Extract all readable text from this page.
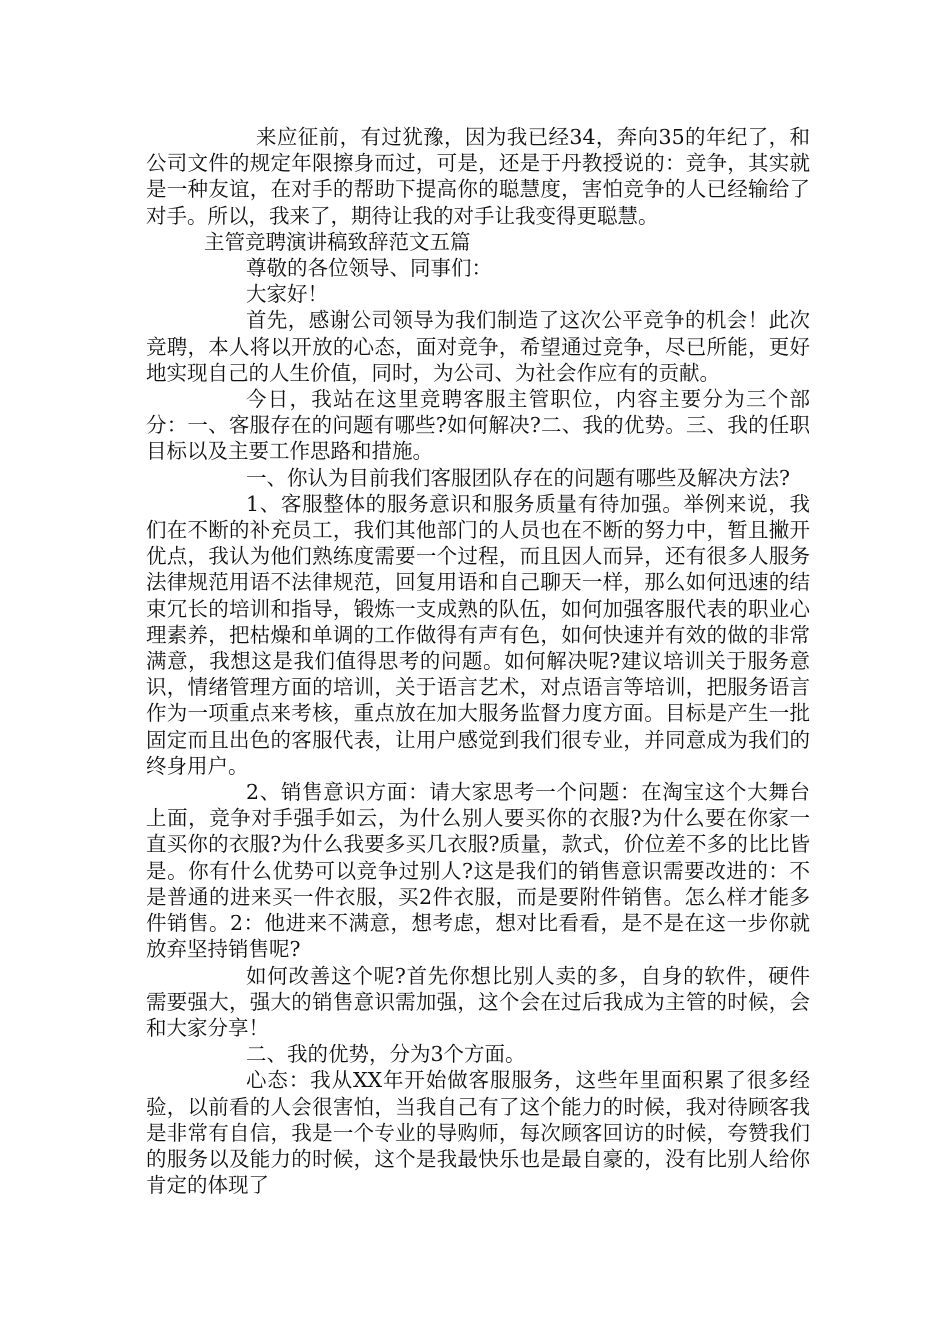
来应征前，有过犹豫，因为我已经34，奔向35的年纪了，和公司文件的规定年限擦身而过，可是，还是于丹教授说的：竞争，其实就是一种友谊，在对手的帮助下提高你的聪慧度，害怕竞争的人已经输给了对手。所以，我来了，期待让我的对手让我变得更聪慧。

主管竞聘演讲稿致辞范文五篇

尊敬的各位领导、同事们：

大家好！

首先，感谢公司领导为我们制造了这次公平竞争的机会！此次竞聘，本人将以开放的心态，面对竞争，希望通过竞争，尽已所能，更好地实现自己的人生价值，同时，为公司、为社会作应有的贡献。

今日，我站在这里竞聘客服主管职位，内容主要分为三个部分：一、客服存在的问题有哪些?如何解决?二、我的优势。三、我的任职目标以及主要工作思路和措施。

一、你认为目前我们客服团队存在的问题有哪些及解决方法?

1、客服整体的服务意识和服务质量有待加强。举例来说，我们在不断的补充员工，我们其他部门的人员也在不断的努力中，暂且撇开优点，我认为他们熟练度需要一个过程，而且因人而异，还有很多人服务法律规范用语不法律规范，回复用语和自己聊天一样，那么如何迅速的结束冗长的培训和指导，锻炼一支成熟的队伍，如何加强客服代表的职业心理素养，把枯燥和单调的工作做得有声有色，如何快速并有效的做的非常满意，我想这是我们值得思考的问题。如何解决呢?建议培训关于服务意识，情绪管理方面的培训，关于语言艺术，对点语言等培训，把服务语言作为一项重点来考核，重点放在加大服务监督力度方面。目标是产生一批固定而且出色的客服代表，让用户感觉到我们很专业，并同意成为我们的终身用户。

2、销售意识方面：请大家思考一个问题：在淘宝这个大舞台上面，竞争对手强手如云，为什么别人要买你的衣服?为什么要在你家一直买你的衣服?为什么我要多买几衣服?质量，款式，价位差不多的比比皆是。你有什么优势可以竞争过别人?这是我们的销售意识需要改进的：不是普通的进来买一件衣服，买2件衣服，而是要附件销售。怎么样才能多件销售。2：他进来不满意，想考虑，想对比看看，是不是在这一步你就放弃坚持销售呢?

如何改善这个呢?首先你想比别人卖的多，自身的软件，硬件需要强大，强大的销售意识需加强，这个会在过后我成为主管的时候，会和大家分享！

二、我的优势，分为3个方面。

心态：我从XX年开始做客服服务，这些年里面积累了很多经验，以前看的人会很害怕，当我自己有了这个能力的时候，我对待顾客我是非常有自信，我是一个专业的导购师，每次顾客回访的时候，夸赞我们的服务以及能力的时候，这个是我最快乐也是最自豪的，没有比别人给你肯定的体现了
